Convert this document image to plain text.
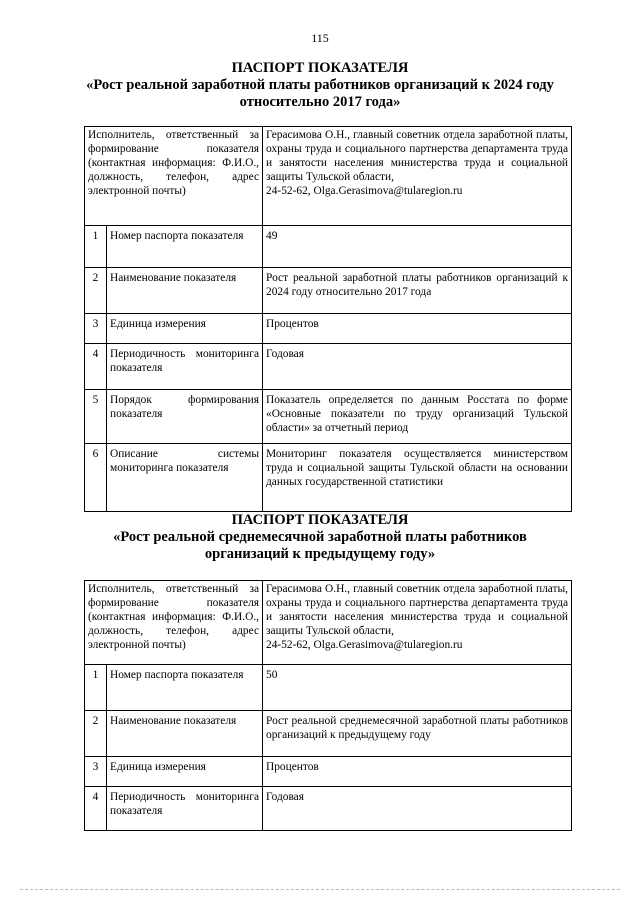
115
ПАСПОРТ ПОКАЗАТЕЛЯ
«Рост реальной заработной платы работников организаций к 2024 году
относительно 2017 года»
Исполнитель, ответственный за формирование показателя (контактная информация: Ф.И.О., должность, телефон, адрес электронной почты)		Герасимова О.Н., главный советник отдела заработной платы, охраны труда и социального партнерства департамента труда и занятости населения министерства труда и социальной защиты Тульской области,
24-52-62, Olga.Gerasimova@tularegion.ru

1	Номер паспорта показателя	49
2	Наименование показателя	Рост реальной заработной платы работников организаций к 2024 году относительно 2017 года
3	Единица измерения	Процентов
4	Периодичность мониторинга показателя	Годовая
5	Порядок формирования показателя	Показатель определяется по данным Росстата по форме «Основные показатели по труду организаций Тульской области» за отчетный период
6	Описание системы мониторинга показателя	Мониторинг показателя осуществляется министерством труда и социальной защиты Тульской области на основании данных государственной статистики
ПАСПОРТ ПОКАЗАТЕЛЯ
«Рост реальной среднемесячной заработной платы работников
организаций к предыдущему году»
Исполнитель, ответственный за формирование показателя (контактная информация: Ф.И.О., должность, телефон, адрес электронной почты)		Герасимова О.Н., главный советник отдела заработной платы, охраны труда и социального партнерства департамента труда и занятости населения министерства труда и социальной защиты Тульской области,
24-52-62, Olga.Gerasimova@tularegion.ru

1	Номер паспорта показателя	50
2	Наименование показателя	Рост реальной среднемесячной заработной платы работников организаций к предыдущему году
3	Единица измерения	Процентов
4	Периодичность мониторинга показателя	Годовая
